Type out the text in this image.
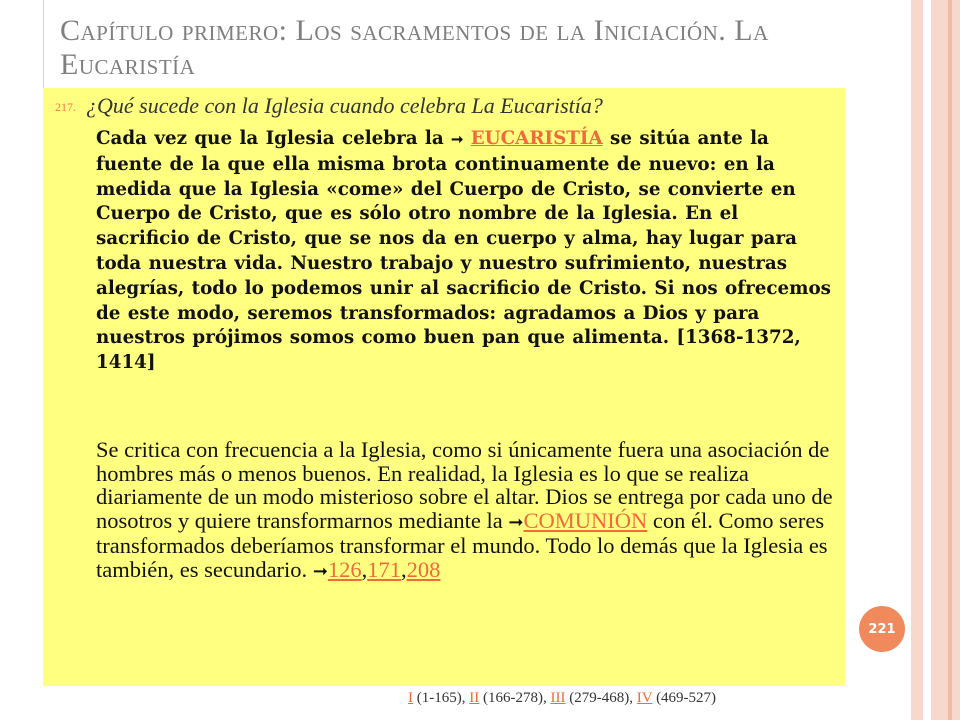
Capítulo primero: Los sacramentos de la Iniciación. La Eucaristía
217. ¿Qué sucede con la Iglesia cuando celebra La Eucaristía?
Cada vez que la Iglesia celebra la ➞ EUCARISTÍA se sitúa ante la fuente de la que ella misma brota continuamente de nuevo: en la medida que la Iglesia «come» del Cuerpo de Cristo, se convierte en Cuerpo de Cristo, que es sólo otro nombre de la Iglesia. En el sacrificio de Cristo, que se nos da en cuerpo y alma, hay lugar para toda nuestra vida. Nuestro trabajo y nuestro sufrimiento, nuestras alegrías, todo lo podemos unir al sacrificio de Cristo. Si nos ofrecemos de este modo, seremos transformados: agradamos a Dios y para nuestros prójimos somos como buen pan que alimenta. [1368-1372, 1414]
Se critica con frecuencia a la Iglesia, como si únicamente fuera una asociación de hombres más o menos buenos. En realidad, la Iglesia es lo que se realiza diariamente de un modo misterioso sobre el altar. Dios se entrega por cada uno de nosotros y quiere transformarnos mediante la ➞COMUNIÓN con él. Como seres transformados deberíamos transformar el mundo. Todo lo demás que la Iglesia es también, es secundario. ➞126,171,208
221
I (1-165), II (166-278), III (279-468), IV (469-527)
